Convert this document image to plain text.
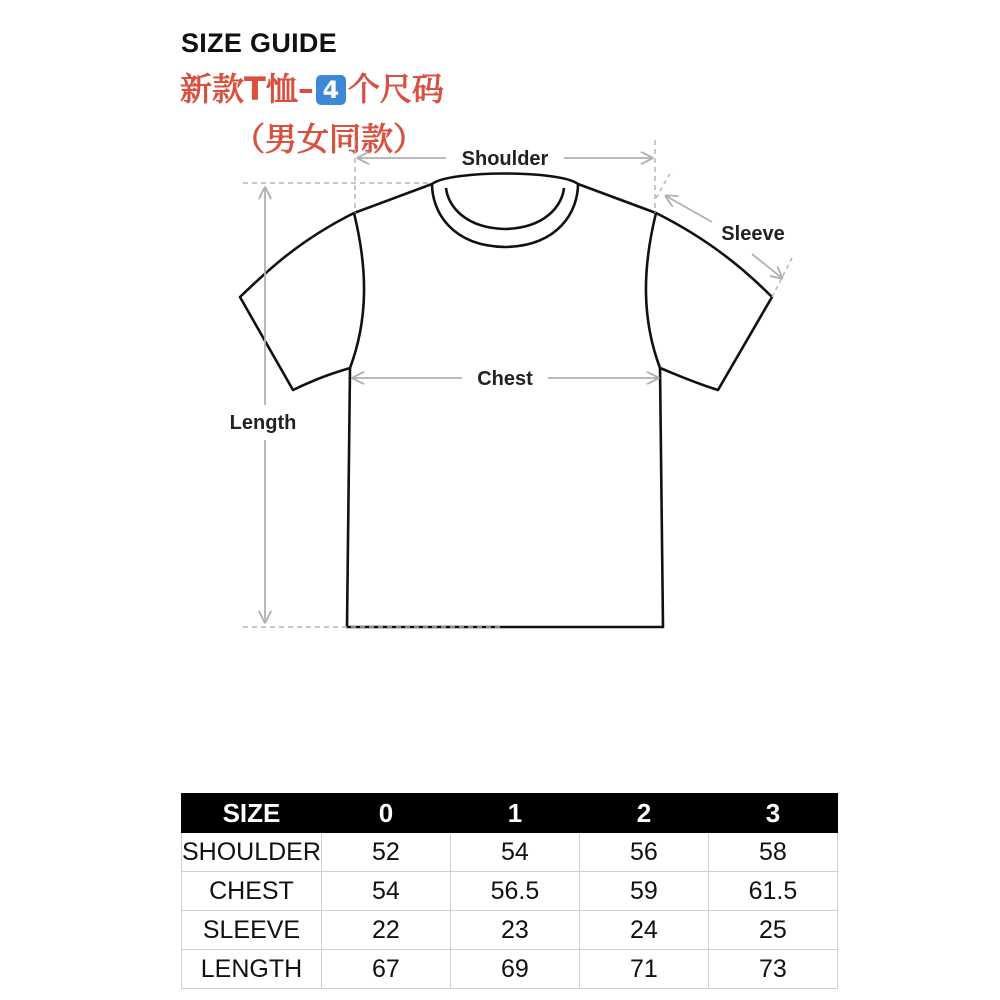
SIZE GUIDE
新款T恤– 4 个尺码
（男女同款）
Shoulder
Sleeve
Chest
Length
SIZE	0	1	2	3
SHOULDER	52	54	56	58
CHEST	54	56.5	59	61.5
SLEEVE	22	23	24	25
LENGTH	67	69	71	73
